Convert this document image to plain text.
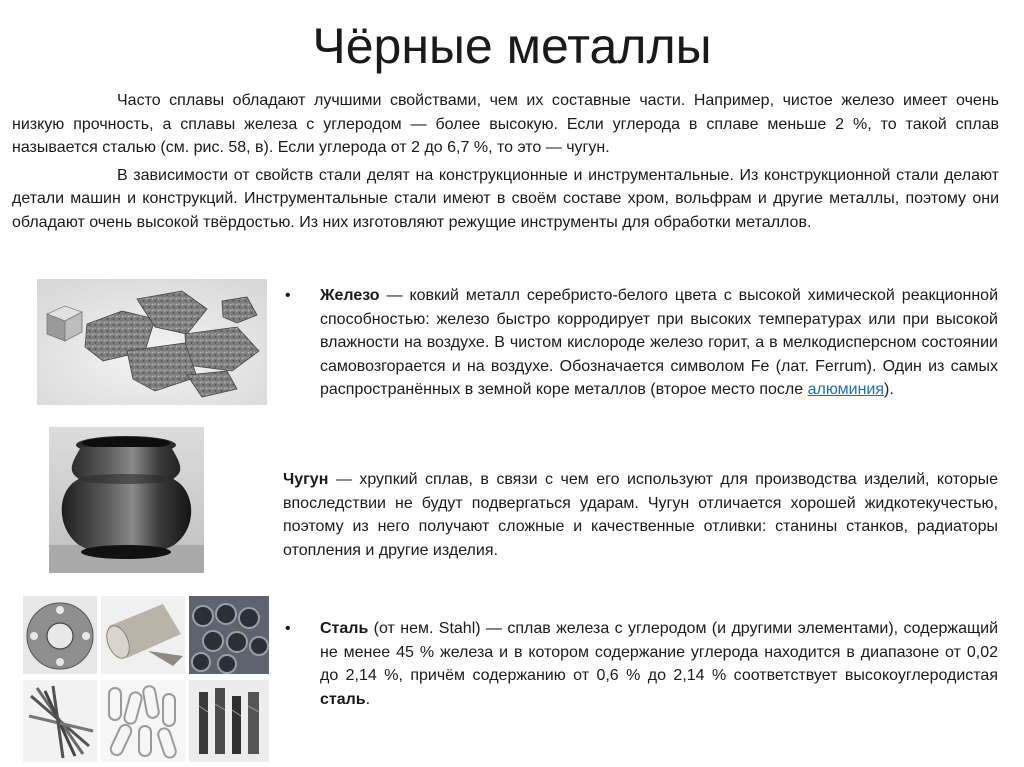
Чёрные металлы

Часто сплавы обладают лучшими свойствами, чем их составные части. Например, чистое железо имеет очень низкую прочность, а сплавы железа с углеродом — более высокую. Если углерода в сплаве меньше 2 %, то такой сплав называется сталью (см. рис. 58, в). Если углерода от 2 до 6,7 %, то это — чугун.

В зависимости от свойств стали делят на конструкционные и инструментальные. Из конструкционной стали делают детали машин и конструкций. Инструментальные стали имеют в своём составе хром, вольфрам и другие металлы, поэтому они обладают очень высокой твёрдостью. Из них изготовляют режущие инструменты для обработки металлов.

• Железо — ковкий металл серебристо-белого цвета с высокой химической реакционной способностью: железо быстро корродирует при высоких температурах или при высокой влажности на воздухе. В чистом кислороде железо горит, а в мелкодисперсном состоянии самовозгорается и на воздухе. Обозначается символом Fe (лат. Ferrum). Один из самых распространённых в земной коре металлов (второе место после алюминия).
Чугун — хрупкий сплав, в связи с чем его используют для производства изделий, которые впоследствии не будут подвергаться ударам. Чугун отличается хорошей жидкотекучестью, поэтому из него получают сложные и качественные отливки: станины станков, радиаторы отопления и другие изделия.
• Сталь (от нем. Stahl) — сплав железа с углеродом (и другими элементами), содержащий не менее 45 % железа и в котором содержание углерода находится в диапазоне от 0,02 до 2,14 %, причём содержанию от 0,6 % до 2,14 % соответствует высокоуглеродистая сталь.
